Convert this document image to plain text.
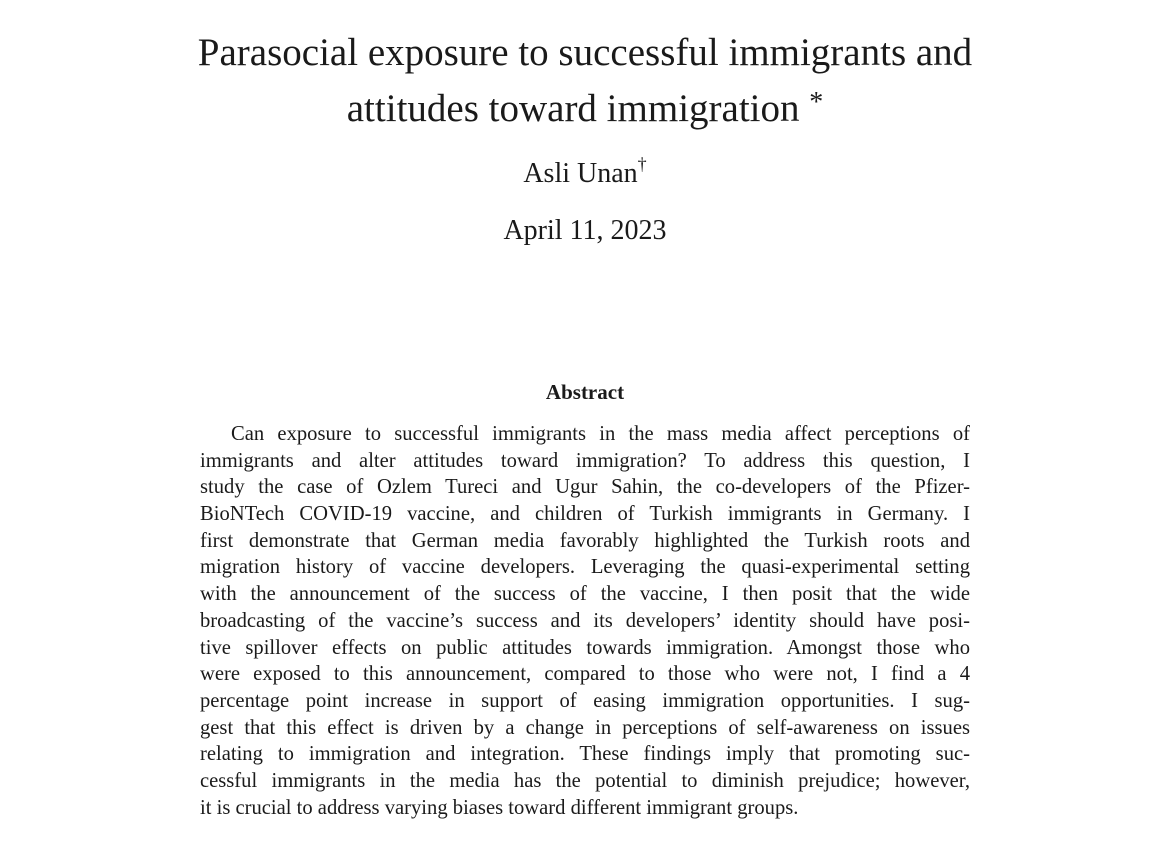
Parasocial exposure to successful immigrants and
attitudes toward immigration *
Asli Unan†
April 11, 2023
Abstract
Can exposure to successful immigrants in the mass media affect perceptions of
immigrants and alter attitudes toward immigration? To address this question, I
study the case of Ozlem Tureci and Ugur Sahin, the co-developers of the Pfizer-
BioNTech COVID-19 vaccine, and children of Turkish immigrants in Germany. I
first demonstrate that German media favorably highlighted the Turkish roots and
migration history of vaccine developers. Leveraging the quasi-experimental setting
with the announcement of the success of the vaccine, I then posit that the wide
broadcasting of the vaccine’s success and its developers’ identity should have posi-
tive spillover effects on public attitudes towards immigration. Amongst those who
were exposed to this announcement, compared to those who were not, I find a 4
percentage point increase in support of easing immigration opportunities. I sug-
gest that this effect is driven by a change in perceptions of self-awareness on issues
relating to immigration and integration. These findings imply that promoting suc-
cessful immigrants in the media has the potential to diminish prejudice; however,
it is crucial to address varying biases toward different immigrant groups.
